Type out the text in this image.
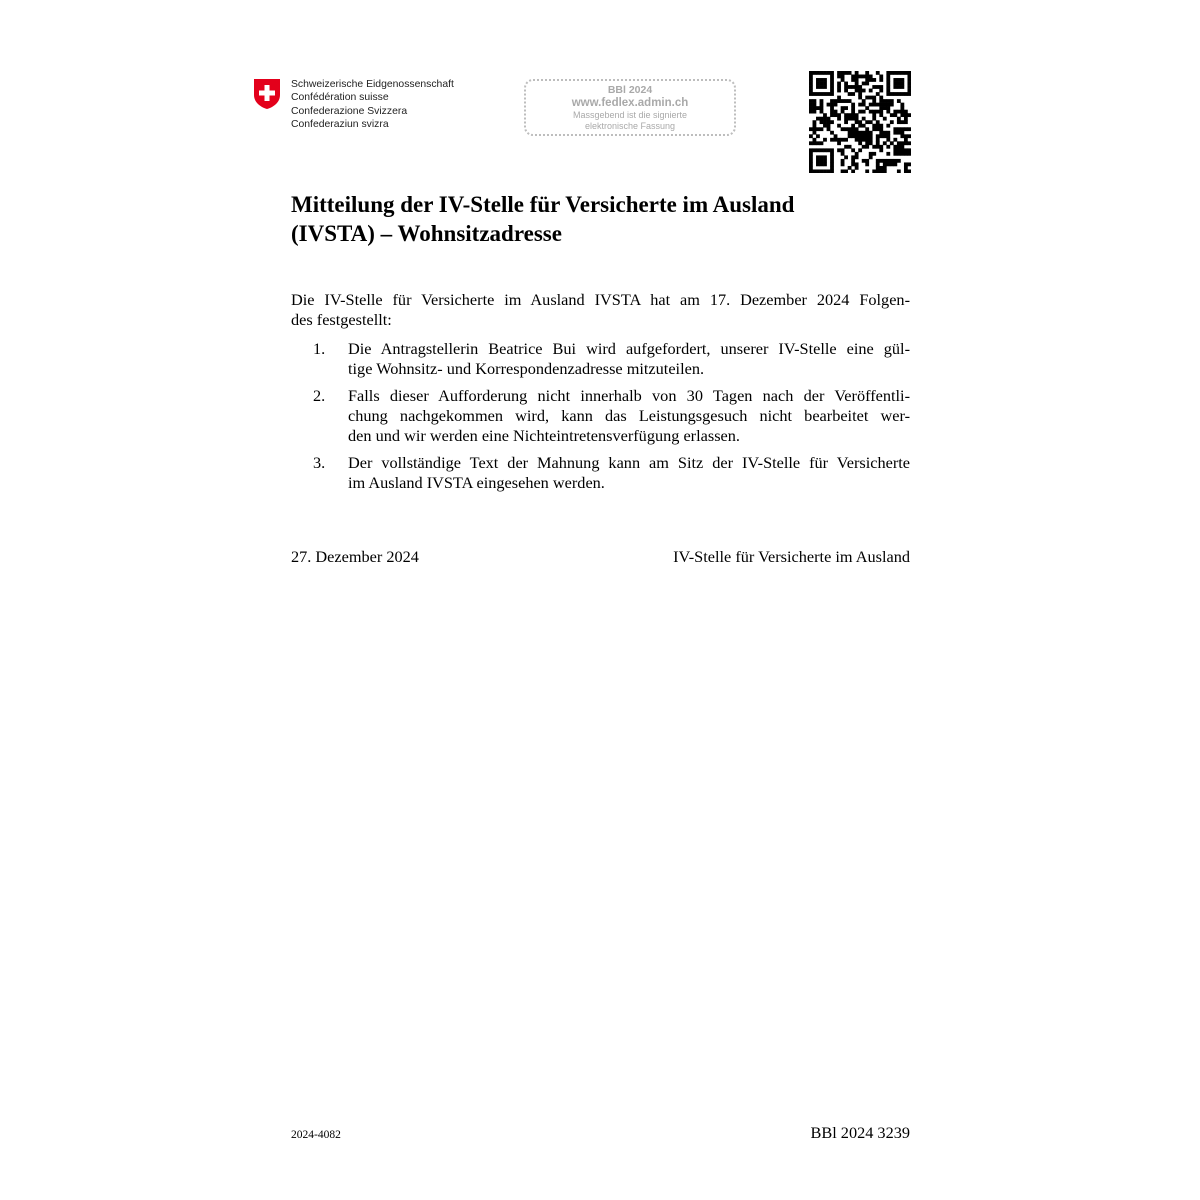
Schweizerische Eidgenossenschaft
Confédération suisse
Confederazione Svizzera
Confederaziun svizra
BBl 2024
www.fedlex.admin.ch
Massgebend ist die signierte
elektronische Fassung
Mitteilung der IV-Stelle für Versicherte im Ausland
(IVSTA) – Wohnsitzadresse
Die IV-Stelle für Versicherte im Ausland IVSTA hat am 17. Dezember 2024 Folgen-
des festgestellt:
1.	Die Antragstellerin Beatrice Bui wird aufgefordert, unserer IV-Stelle eine gül-
tige Wohnsitz- und Korrespondenzadresse mitzuteilen.
2.	Falls dieser Aufforderung nicht innerhalb von 30 Tagen nach der Veröffentli-
chung nachgekommen wird, kann das Leistungsgesuch nicht bearbeitet wer-
den und wir werden eine Nichteintretensverfügung erlassen.
3.	Der vollständige Text der Mahnung kann am Sitz der IV-Stelle für Versicherte
im Ausland IVSTA eingesehen werden.
27. Dezember 2024	IV-Stelle für Versicherte im Ausland
2024-4082	BBl 2024 3239
